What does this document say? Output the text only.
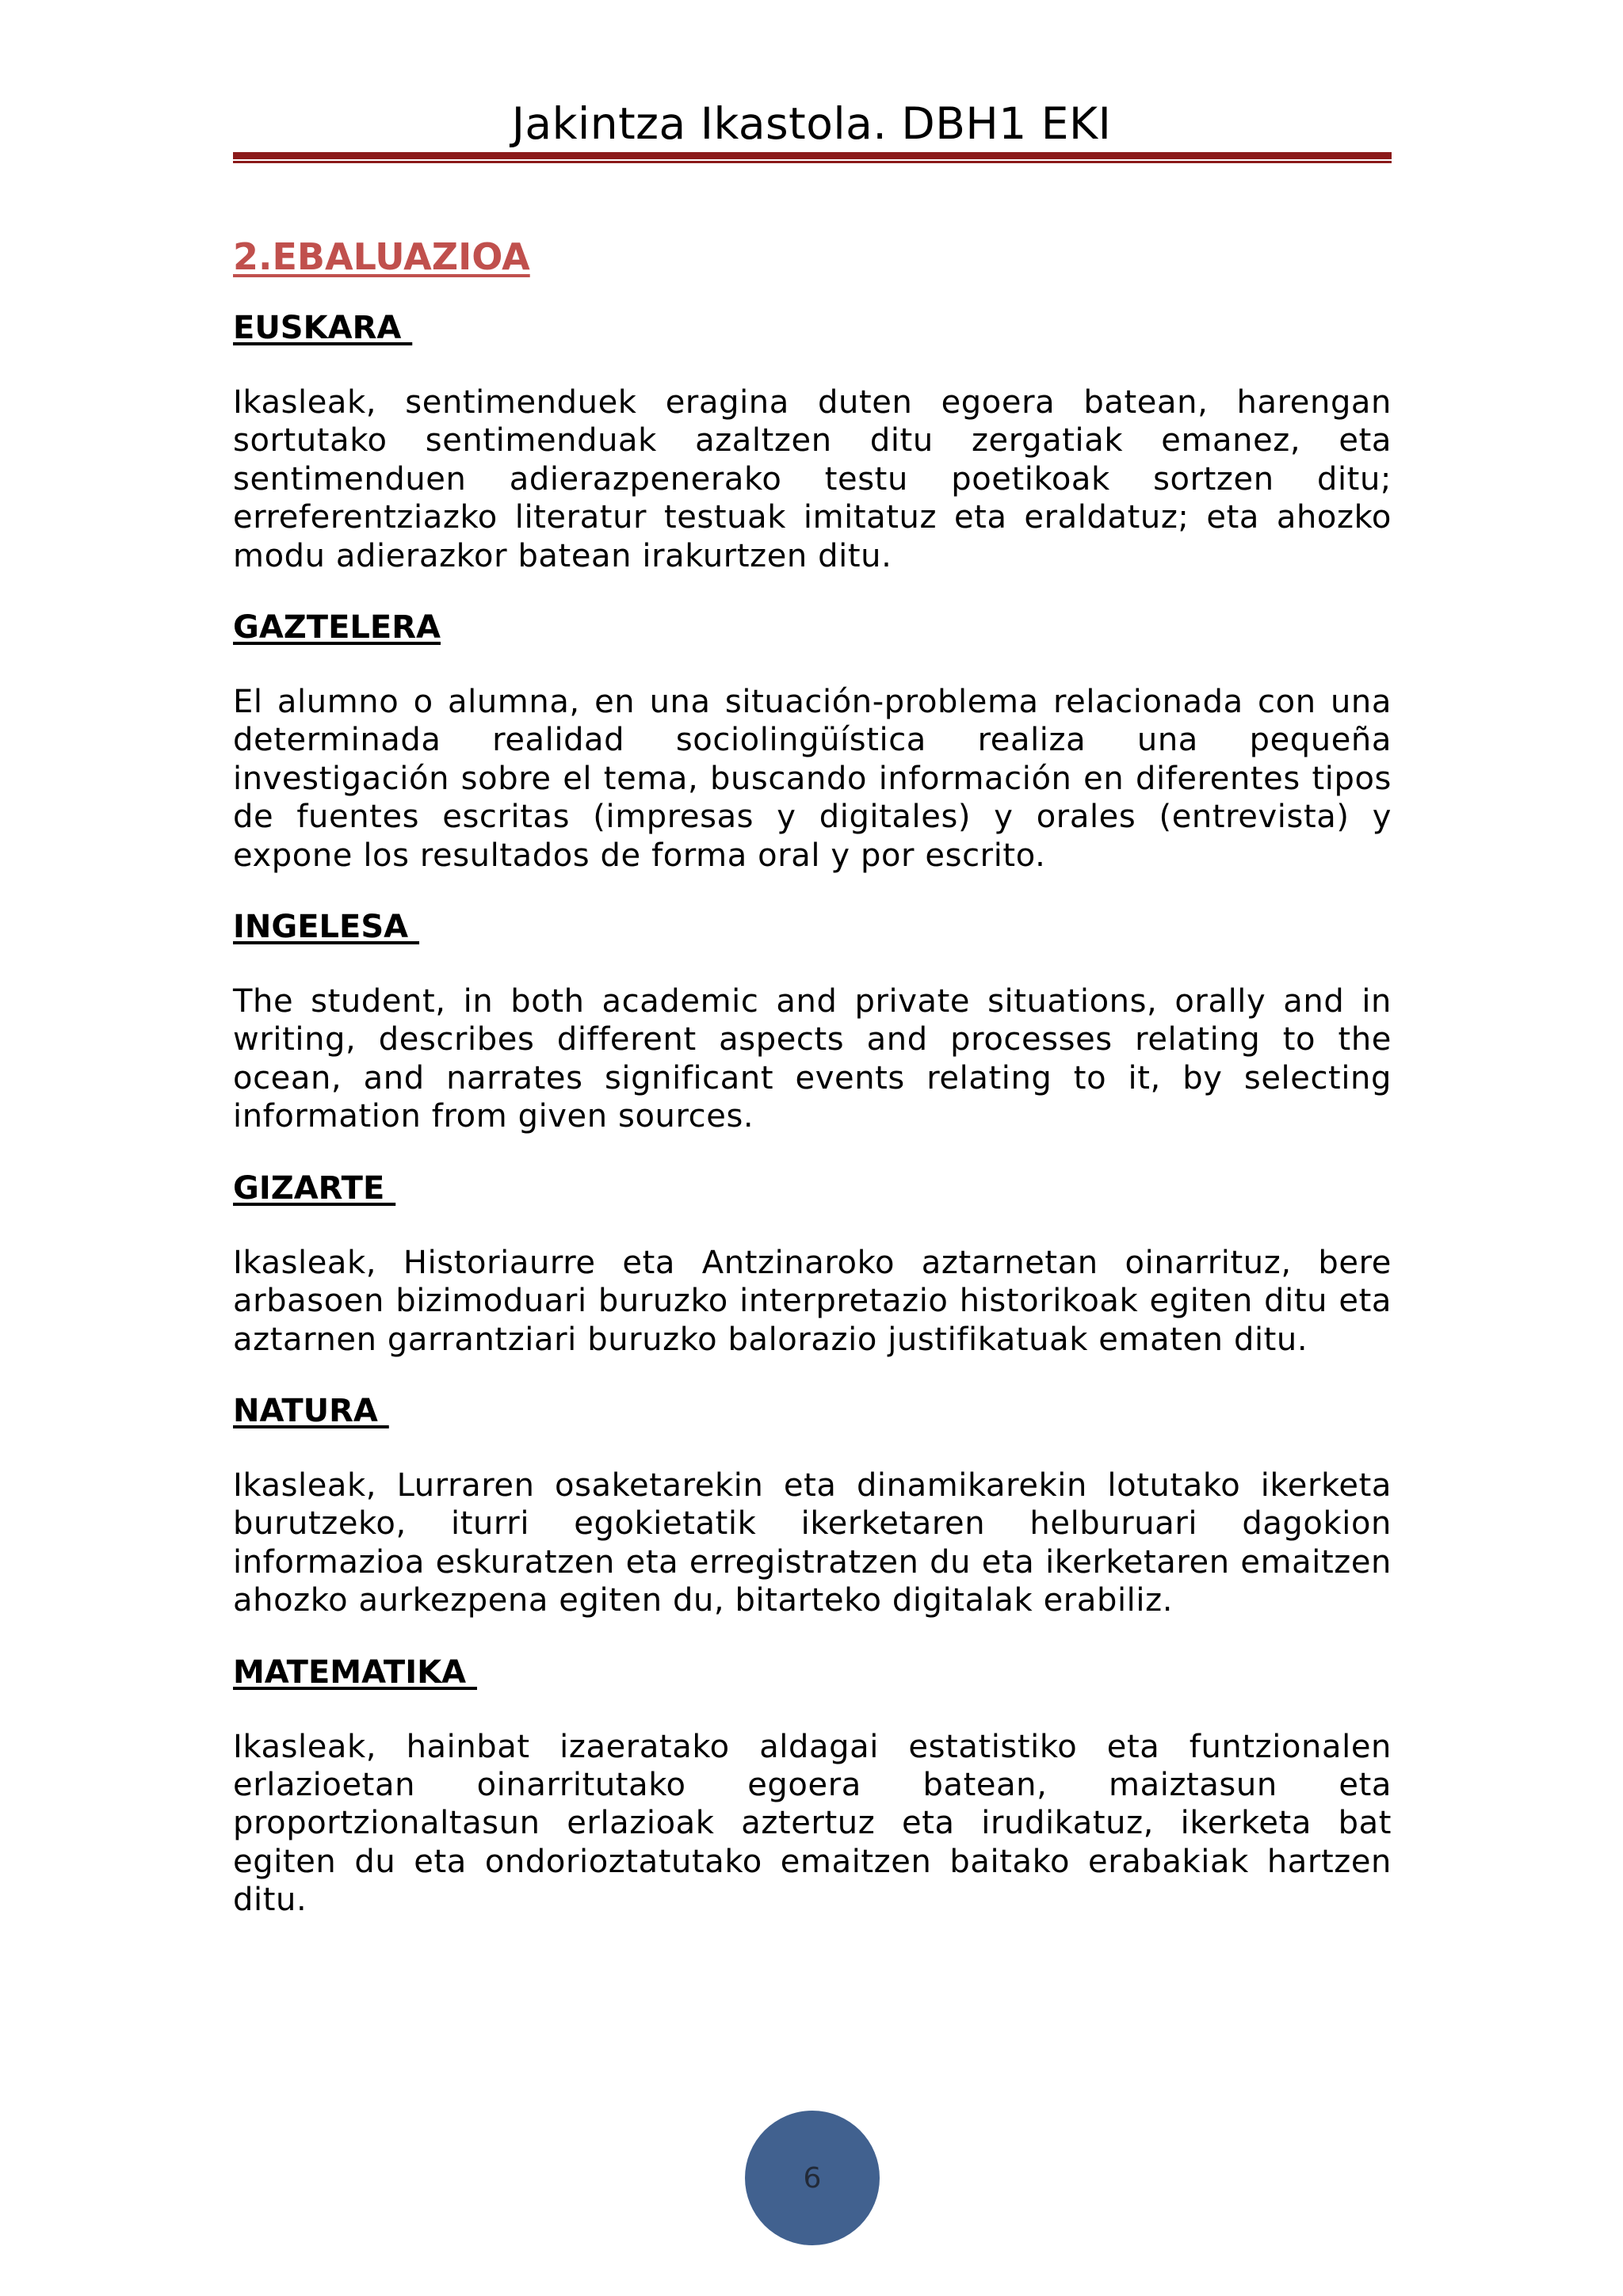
Jakintza Ikastola. DBH1 EKI
2.EBALUAZIOA
EUSKARA

Ikasleak, sentimenduek eragina duten egoera batean, harengan sortutako sentimenduak azaltzen ditu zergatiak emanez, eta sentimenduen adierazpenerako testu poetikoak sortzen ditu; erreferentziazko literatur testuak imitatuz eta eraldatuz; eta ahozko modu adierazkor batean irakurtzen ditu.

GAZTELERA

El alumno o alumna, en una situación-problema relacionada con una determinada realidad sociolingüística realiza una pequeña investigación sobre el tema, buscando información en diferentes tipos de fuentes escritas (impresas y digitales) y orales (entrevista) y expone los resultados de forma oral y por escrito.

INGELESA

The student, in both academic and private situations, orally and in writing, describes different aspects and processes relating to the ocean, and narrates significant events relating to it, by selecting information from given sources.

GIZARTE

Ikasleak, Historiaurre eta Antzinaroko aztarnetan oinarrituz, bere arbasoen bizimoduari buruzko interpretazio historikoak egiten ditu eta aztarnen garrantziari buruzko balorazio justifikatuak ematen ditu.

NATURA

Ikasleak, Lurraren osaketarekin eta dinamikarekin lotutako ikerketa burutzeko, iturri egokietatik ikerketaren helburuari dagokion informazioa eskuratzen eta erregistratzen du eta ikerketaren emaitzen ahozko aurkezpena egiten du, bitarteko digitalak erabiliz.

MATEMATIKA

Ikasleak, hainbat izaeratako aldagai estatistiko eta funtzionalen erlazioetan oinarritutako egoera batean, maiztasun eta proportzionaltasun erlazioak aztertuz eta irudikatuz, ikerketa bat egiten du eta ondorioztatutako emaitzen baitako erabakiak hartzen ditu.

6
